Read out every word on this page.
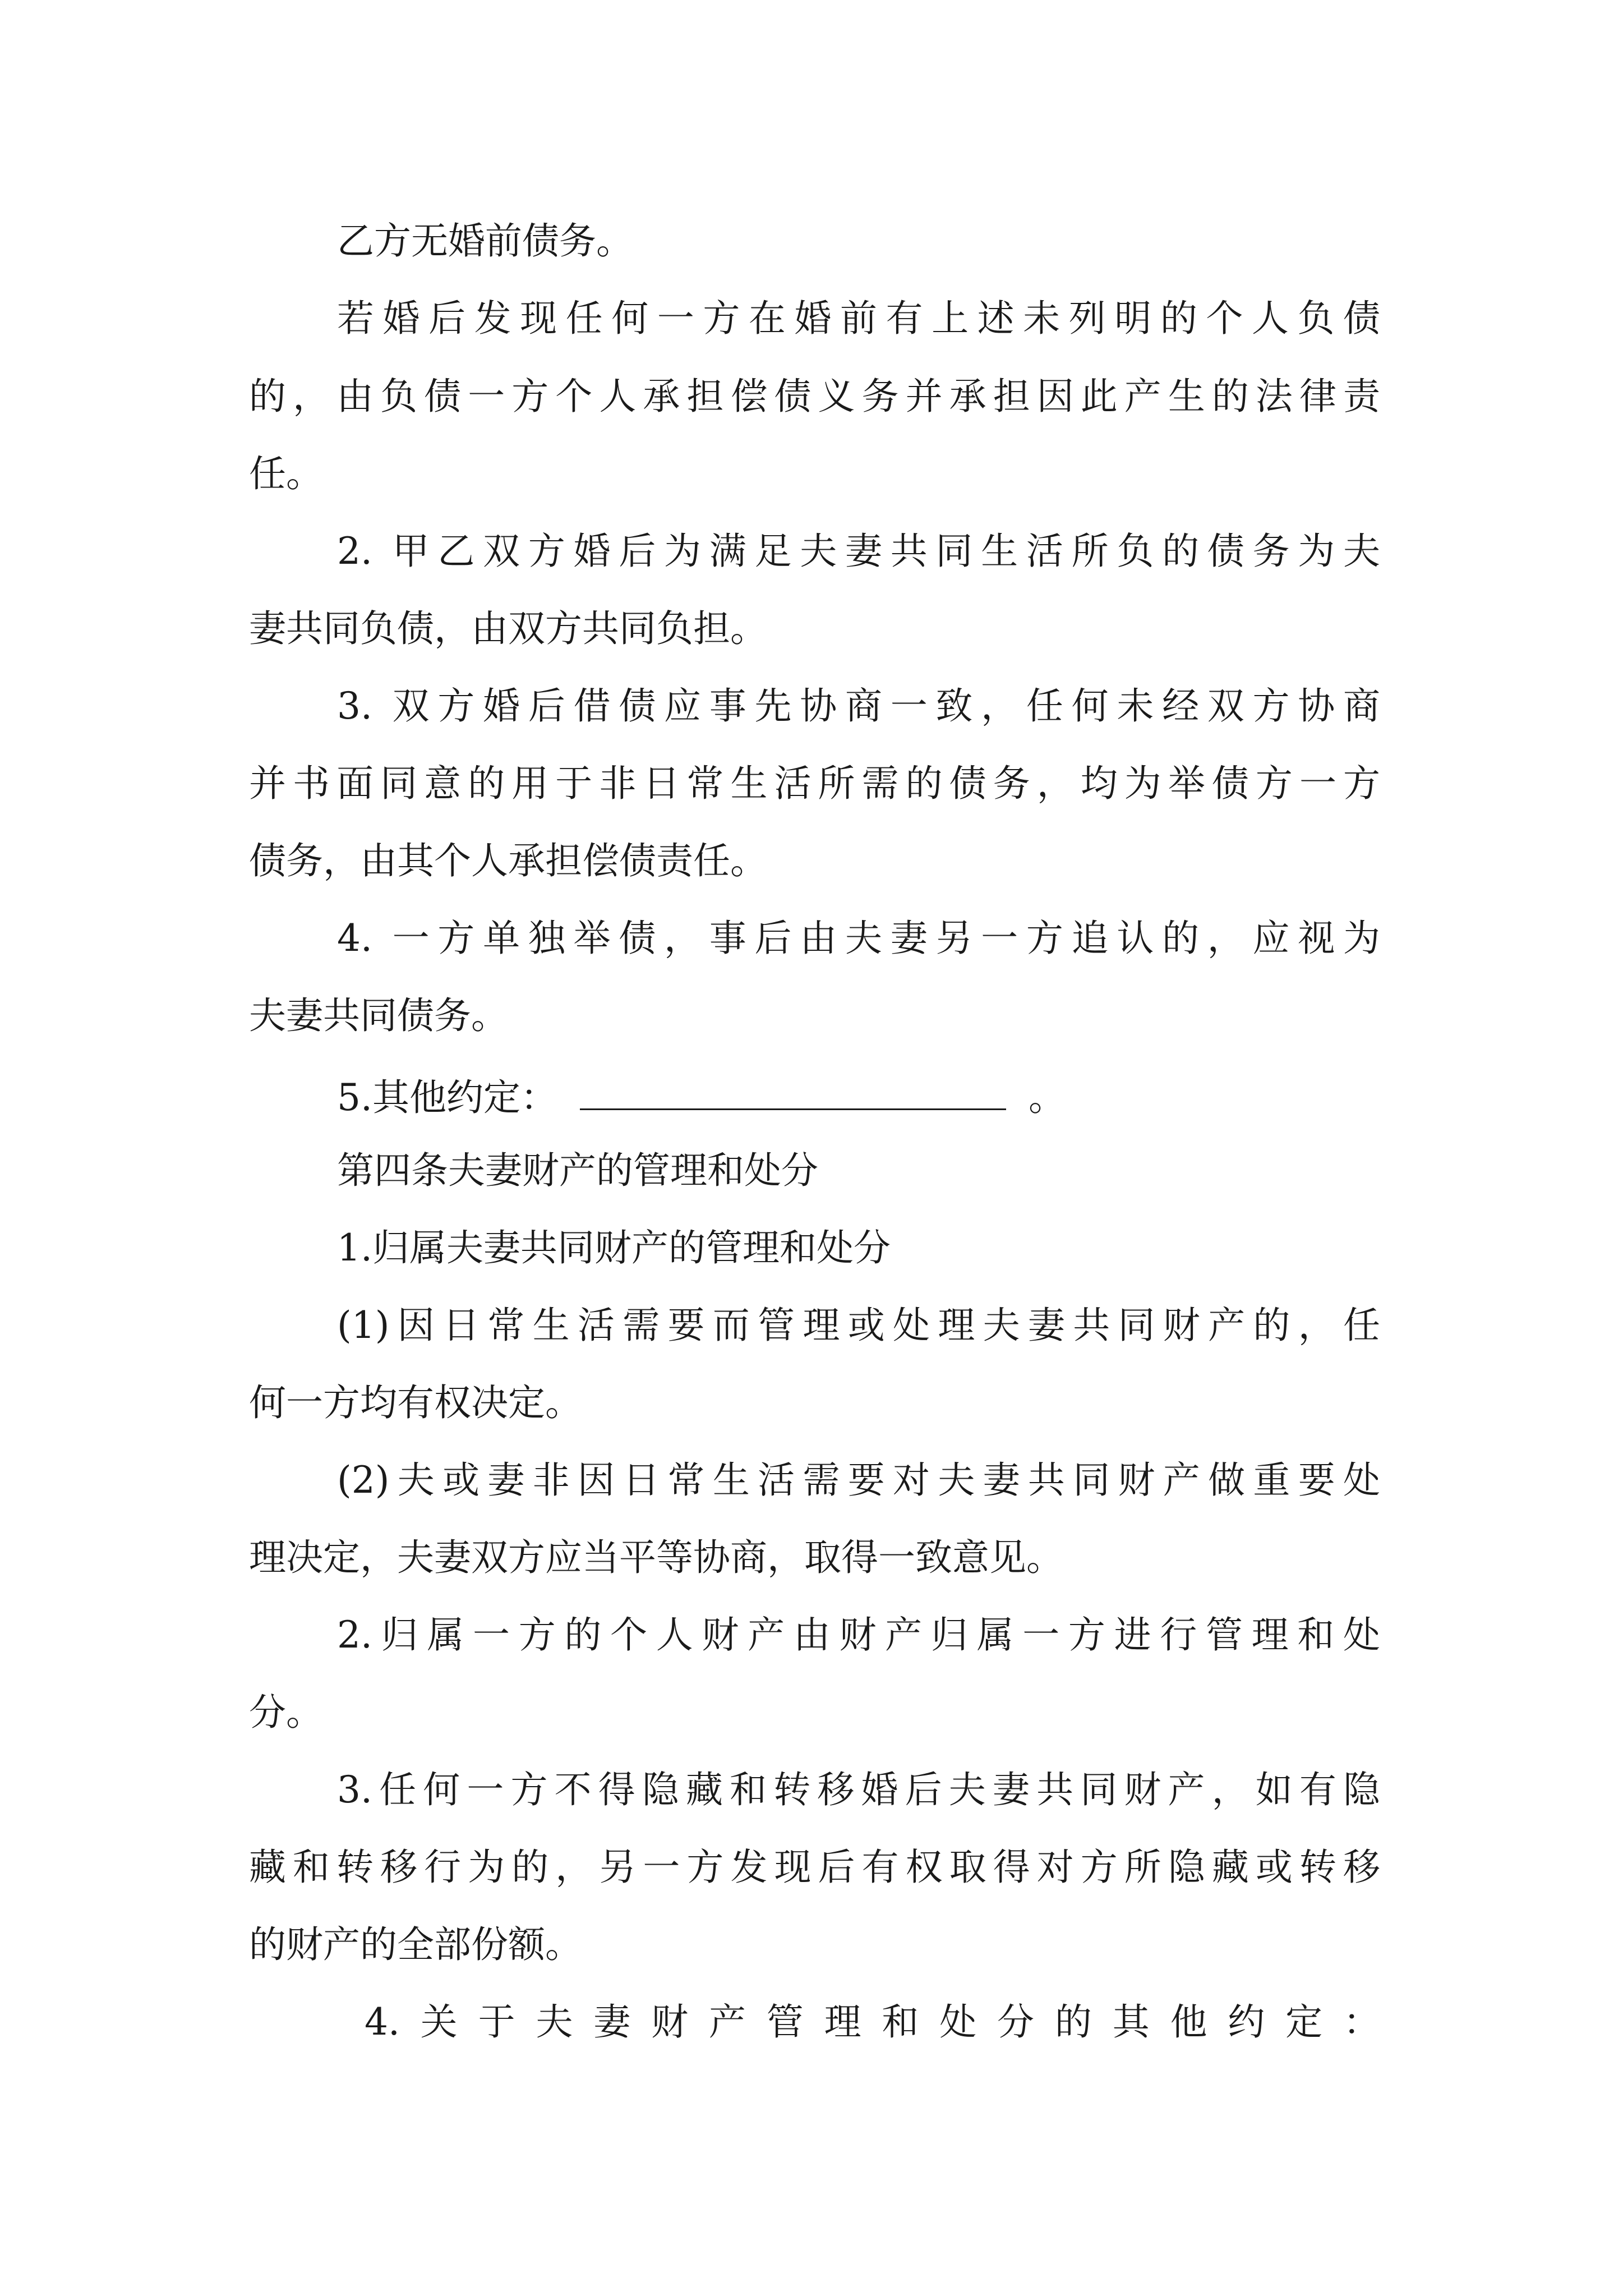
乙方无婚前债务。
若婚后发现任何一方在婚前有上述未列明的个人负债
的，由负债一方个人承担偿债义务并承担因此产生的法律责
任。
2. 甲乙双方婚后为满足夫妻共同生活所负的债务为夫
妻共同负债，由双方共同负担。
3. 双方婚后借债应事先协商一致，任何未经双方协商
并书面同意的用于非日常生活所需的债务，均为举债方一方
债务，由其个人承担偿债责任。
4. 一方单独举债，事后由夫妻另一方追认的，应视为
夫妻共同债务。
5.其他约定：	。
第四条夫妻财产的管理和处分
1.归属夫妻共同财产的管理和处分
(1)因日常生活需要而管理或处理夫妻共同财产的，任
何一方均有权决定。
(2)夫或妻非因日常生活需要对夫妻共同财产做重要处
理决定，夫妻双方应当平等协商，取得一致意见。
2.归属一方的个人财产由财产归属一方进行管理和处
分。
3.任何一方不得隐藏和转移婚后夫妻共同财产，如有隐
藏和转移行为的，另一方发现后有权取得对方所隐藏或转移
的财产的全部份额。
4.关于夫妻财产管理和处分的其他约定：
